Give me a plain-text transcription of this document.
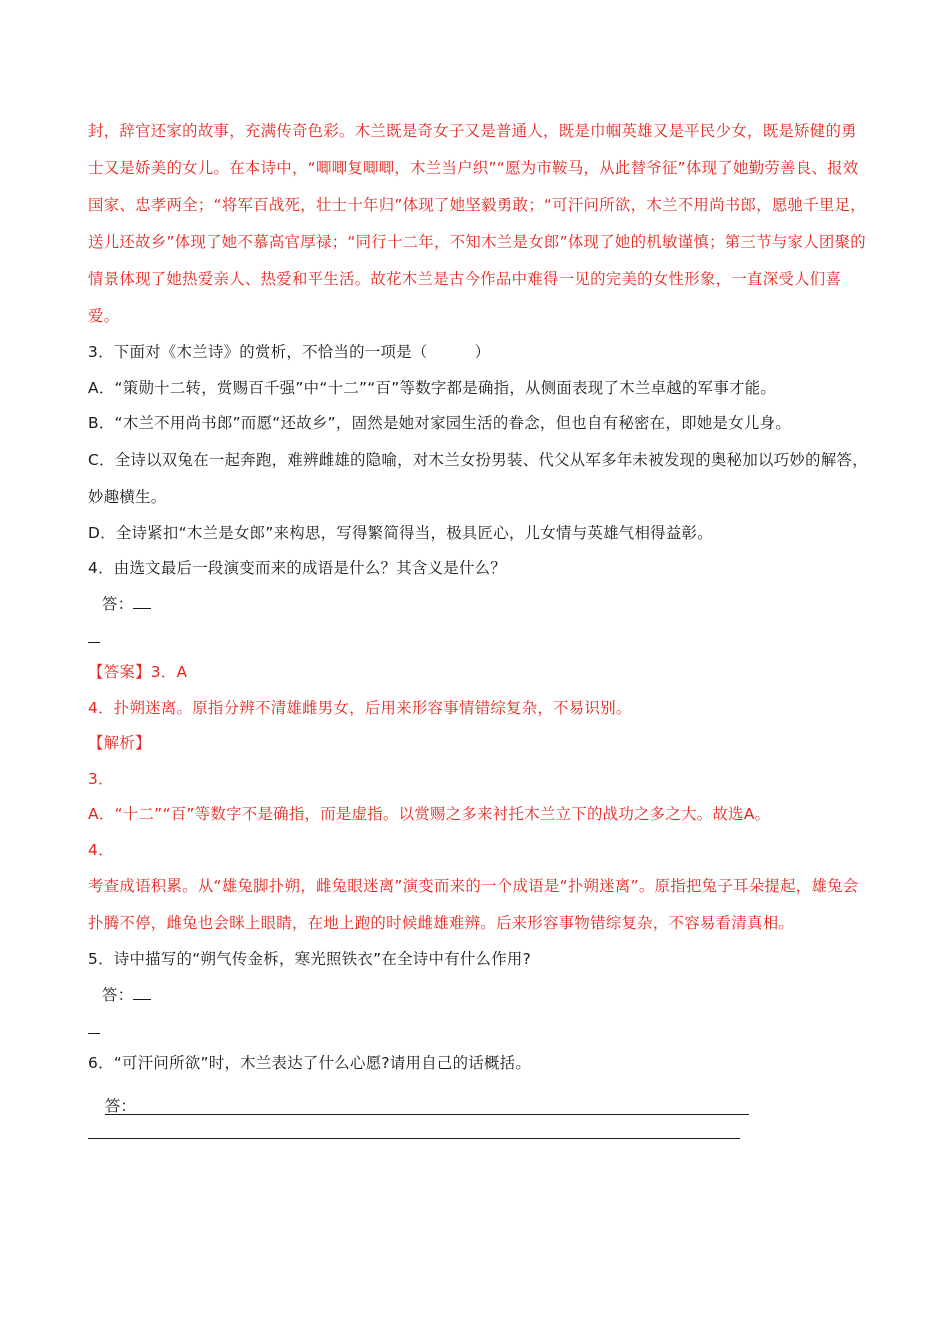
封，辞官还家的故事，充满传奇色彩。木兰既是奇女子又是普通人，既是巾帼英雄又是平民少女，既是矫健的勇士又是娇美的女儿。在本诗中，“唧唧复唧唧，木兰当户织”“愿为市鞍马，从此替爷征”体现了她勤劳善良、报效国家、忠孝两全；“将军百战死，壮士十年归”体现了她坚毅勇敢；“可汗问所欲，木兰不用尚书郎，愿驰千里足，送儿还故乡”体现了她不慕高官厚禄；“同行十二年，不知木兰是女郎”体现了她的机敏谨慎；第三节与家人团聚的情景体现了她热爱亲人、热爱和平生活。故花木兰是古今作品中难得一见的完美的女性形象，一直深受人们喜爱。

3．下面对《木兰诗》的赏析，不恰当的一项是（　　　）

A．“策勋十二转，赏赐百千强”中“十二”“百”等数字都是确指，从侧面表现了木兰卓越的军事才能。

B．“木兰不用尚书郎”而愿“还故乡”，固然是她对家园生活的眷念，但也自有秘密在，即她是女儿身。

C．全诗以双兔在一起奔跑，难辨雌雄的隐喻，对木兰女扮男装、代父从军多年未被发现的奥秘加以巧妙的解答，妙趣横生。

D．全诗紧扣“木兰是女郎”来构思，写得繁简得当，极具匠心，儿女情与英雄气相得益彰。

4．由选文最后一段演变而来的成语是什么？其含义是什么？

答：

【答案】3．A

4．扑朔迷离。原指分辨不清雄雌男女，后用来形容事情错综复杂，不易识别。

【解析】

3．

A．“十二”“百”等数字不是确指，而是虚指。以赏赐之多来衬托木兰立下的战功之多之大。故选A。

4．

考查成语积累。从“雄兔脚扑朔，雌兔眼迷离”演变而来的一个成语是“扑朔迷离”。原指把兔子耳朵提起，雄兔会扑腾不停，雌兔也会眯上眼睛，在地上跑的时候雌雄难辨。后来形容事物错综复杂，不容易看清真相。

5．诗中描写的“朔气传金柝，寒光照铁衣”在全诗中有什么作用?

答：

6．“可汗问所欲”时，木兰表达了什么心愿?请用自己的话概括。

答：
